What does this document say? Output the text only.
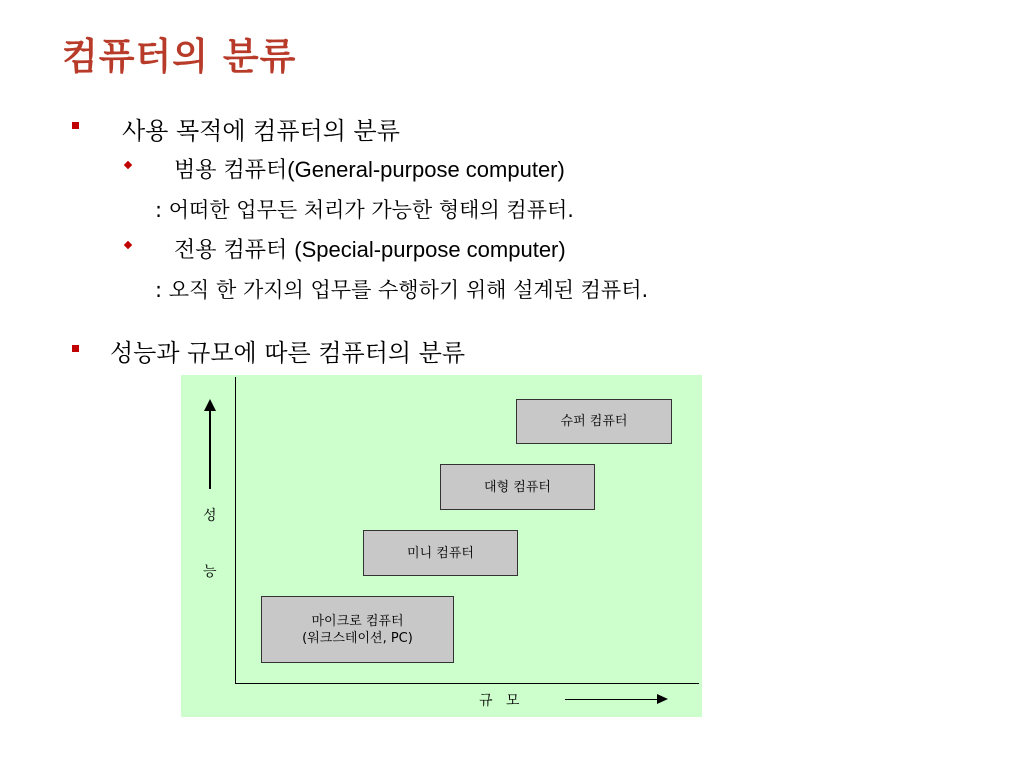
컴퓨터의 분류
사용 목적에 컴퓨터의 분류
범용 컴퓨터(General-purpose computer)
: 어떠한 업무든 처리가 가능한 형태의 컴퓨터.
전용 컴퓨터 (Special-purpose computer)
: 오직 한 가지의 업무를 수행하기 위해 설계된 컴퓨터.
성능과 규모에 따른 컴퓨터의 분류
성
능
규   모
슈퍼 컴퓨터
대형 컴퓨터
미니 컴퓨터
마이크로 컴퓨터
(워크스테이션, PC)
